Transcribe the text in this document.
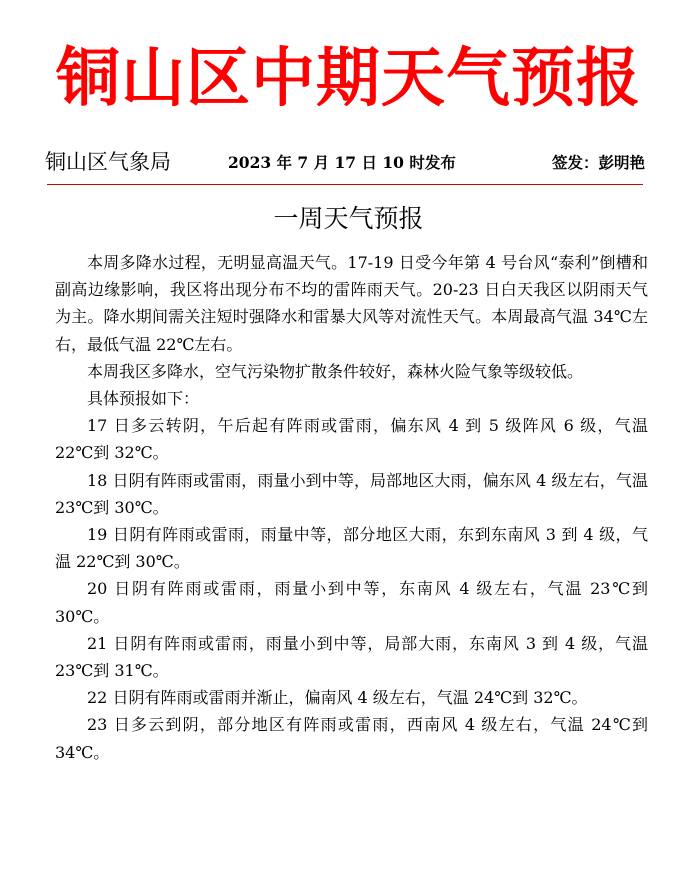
铜山区中期天气预报
铜山区气象局	2023 年 7 月 17 日 10 时发布	签发：彭明艳
一周天气预报

本周多降水过程，无明显高温天气。17-19 日受今年第 4 号台风“泰利”倒槽和副高边缘影响，我区将出现分布不均的雷阵雨天气。20-23 日白天我区以阴雨天气为主。降水期间需关注短时强降水和雷暴大风等对流性天气。本周最高气温 34℃左右，最低气温 22℃左右。

本周我区多降水，空气污染物扩散条件较好，森林火险气象等级较低。

具体预报如下：

17 日多云转阴，午后起有阵雨或雷雨，偏东风 4 到 5 级阵风 6 级，气温 22℃到 32℃。

18 日阴有阵雨或雷雨，雨量小到中等，局部地区大雨，偏东风 4 级左右，气温 23℃到 30℃。

19 日阴有阵雨或雷雨，雨量中等，部分地区大雨，东到东南风 3 到 4 级，气温 22℃到 30℃。

20 日阴有阵雨或雷雨，雨量小到中等，东南风 4 级左右，气温 23℃到 30℃。

21 日阴有阵雨或雷雨，雨量小到中等，局部大雨，东南风 3 到 4 级，气温 23℃到 31℃。

22 日阴有阵雨或雷雨并渐止，偏南风 4 级左右，气温 24℃到 32℃。

23 日多云到阴，部分地区有阵雨或雷雨，西南风 4 级左右，气温 24℃到 34℃。
